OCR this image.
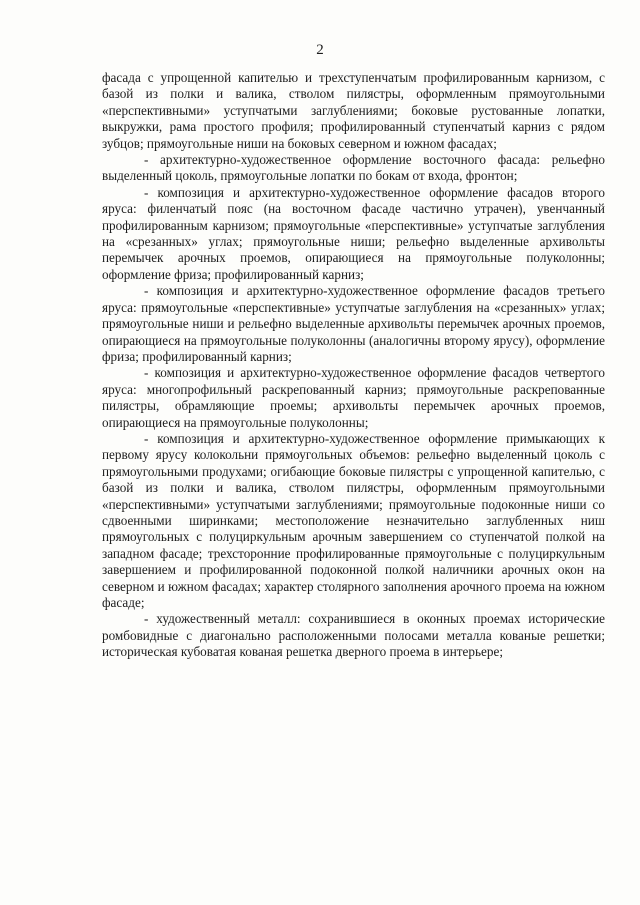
2

фасада с упрощенной капителью и трехступенчатым профилированным карнизом, с базой из полки и валика, стволом пилястры, оформленным прямоугольными «перспективными» уступчатыми заглублениями; боковые рустованные лопатки, выкружки, рама простого профиля; профилированный ступенчатый карниз с рядом зубцов; прямоугольные ниши на боковых северном и южном фасадах;

- архитектурно-художественное оформление восточного фасада: рельефно выделенный цоколь, прямоугольные лопатки по бокам от входа, фронтон;

- композиция и архитектурно-художественное оформление фасадов второго яруса: филенчатый пояс (на восточном фасаде частично утрачен), увенчанный профилированным карнизом; прямоугольные «перспективные» уступчатые заглубления на «срезанных» углах; прямоугольные ниши; рельефно выделенные архивольты перемычек арочных проемов, опирающиеся на прямоугольные полуколонны; оформление фриза; профилированный карниз;

- композиция и архитектурно-художественное оформление фасадов третьего яруса: прямоугольные «перспективные» уступчатые заглубления на «срезанных» углах; прямоугольные ниши и рельефно выделенные архивольты перемычек арочных проемов, опирающиеся на прямоугольные полуколонны (аналогичны второму ярусу), оформление фриза; профилированный карниз;

- композиция и архитектурно-художественное оформление фасадов четвертого яруса: многопрофильный раскрепованный карниз; прямоугольные раскрепованные пилястры, обрамляющие проемы; архивольты перемычек арочных проемов, опирающиеся на прямоугольные полуколонны;

- композиция и архитектурно-художественное оформление примыкающих к первому ярусу колокольни прямоугольных объемов: рельефно выделенный цоколь с прямоугольными продухами; огибающие боковые пилястры с упрощенной капителью, с базой из полки и валика, стволом пилястры, оформленным прямоугольными «перспективными» уступчатыми заглублениями; прямоугольные подоконные ниши со сдвоенными ширинками; местоположение незначительно заглубленных ниш прямоугольных с полуциркульным арочным завершением со ступенчатой полкой на западном фасаде; трехсторонние профилированные прямоугольные с полуциркульным завершением и профилированной подоконной полкой наличники арочных окон на северном и южном фасадах; характер столярного заполнения арочного проема на южном фасаде;

- художественный металл: сохранившиеся в оконных проемах исторические ромбовидные с диагонально расположенными полосами металла кованые решетки; историческая кубоватая кованая решетка дверного проема в интерьере;
